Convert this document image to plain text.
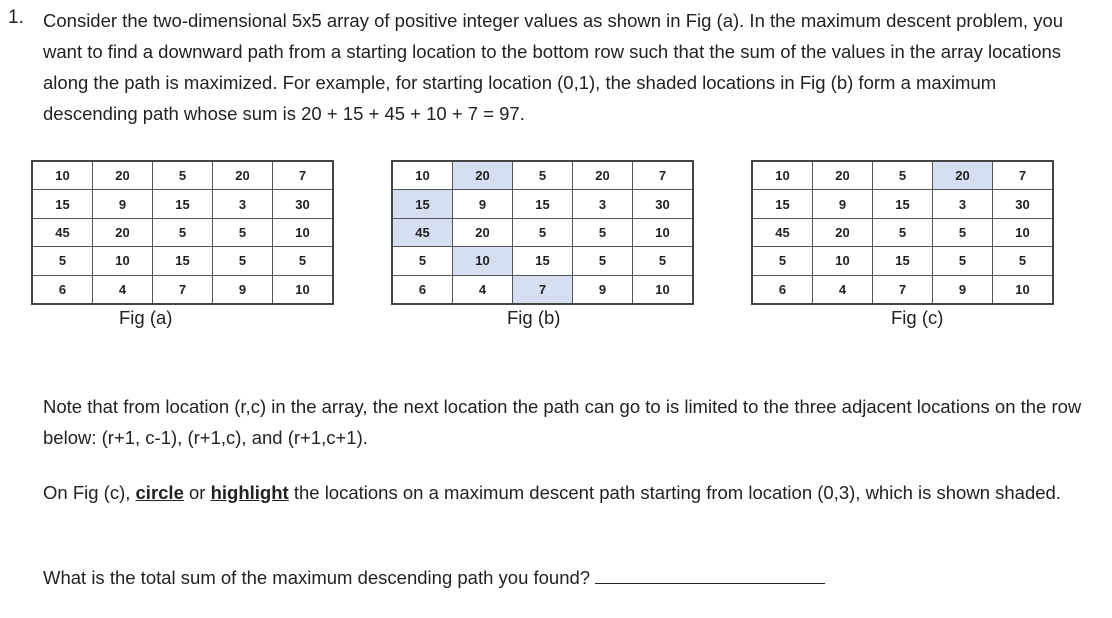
1. Consider the two-dimensional 5x5 array of positive integer values as shown in Fig (a). In the maximum descent problem, you want to find a downward path from a starting location to the bottom row such that the sum of the values in the array locations along the path is maximized. For example, for starting location (0,1), the shaded locations in Fig (b) form a maximum descending path whose sum is 20 + 15 + 45 + 10 + 7 = 97.

10	20	5	20	7
15	9	15	3	30
45	20	5	5	10
5	10	15	5	5
6	4	7	9	10
10	20	5	20	7
15	9	15	3	30
45	20	5	5	10
5	10	15	5	5
6	4	7	9	10
10	20	5	20	7
15	9	15	3	30
45	20	5	5	10
5	10	15	5	5
6	4	7	9	10
Fig (a)	Fig (b)	Fig (c)

Note that from location (r,c) in the array, the next location the path can go to is limited to the three adjacent locations on the row below: (r+1, c-1), (r+1,c), and (r+1,c+1).

On Fig (c), circle or highlight the locations on a maximum descent path starting from location (0,3), which is shown shaded.

What is the total sum of the maximum descending path you found?
